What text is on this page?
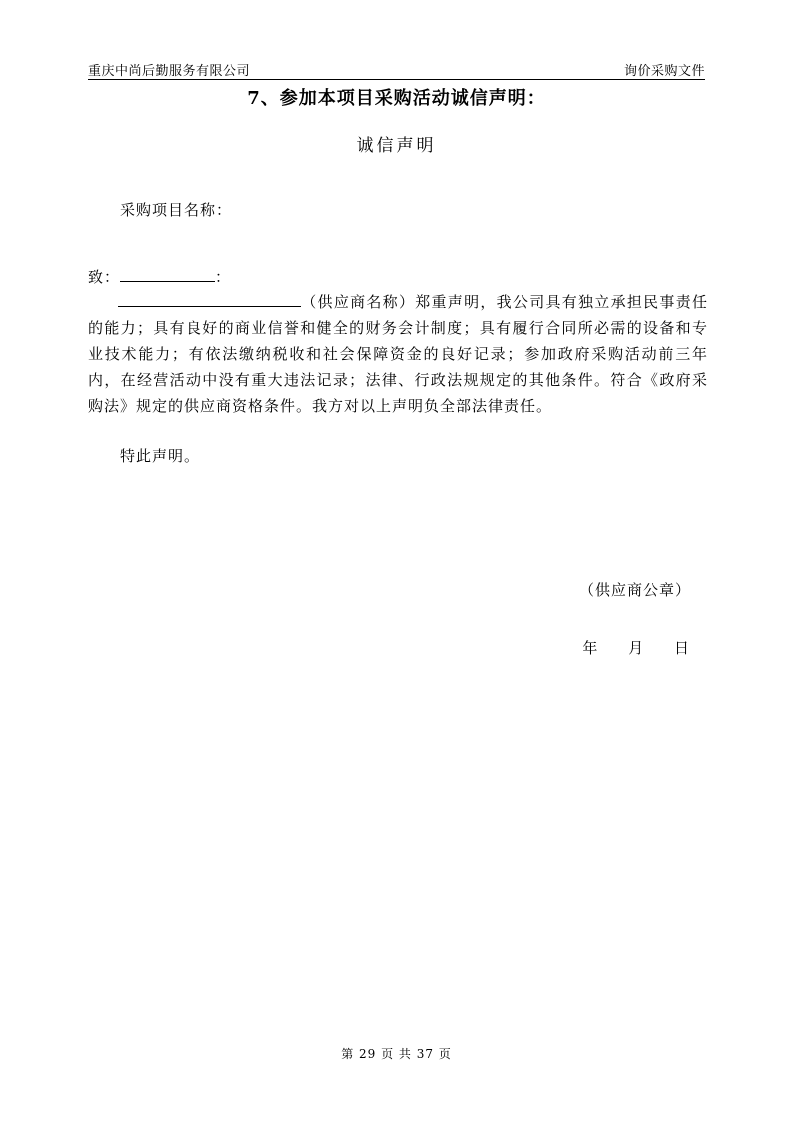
重庆中尚后勤服务有限公司	询价采购文件
7、参加本项目采购活动诚信声明：
诚信声明
采购项目名称：
致：	：
（供应商名称）郑重声明，我公司具有独立承担民事责任的能力；具有良好的商业信誉和健全的财务会计制度；具有履行合同所必需的设备和专业技术能力；有依法缴纳税收和社会保障资金的良好记录；参加政府采购活动前三年内，在经营活动中没有重大违法记录；法律、行政法规规定的其他条件。符合《政府采购法》规定的供应商资格条件。我方对以上声明负全部法律责任。
特此声明。
（供应商公章）
年 月 日
第 29 页 共 37 页
